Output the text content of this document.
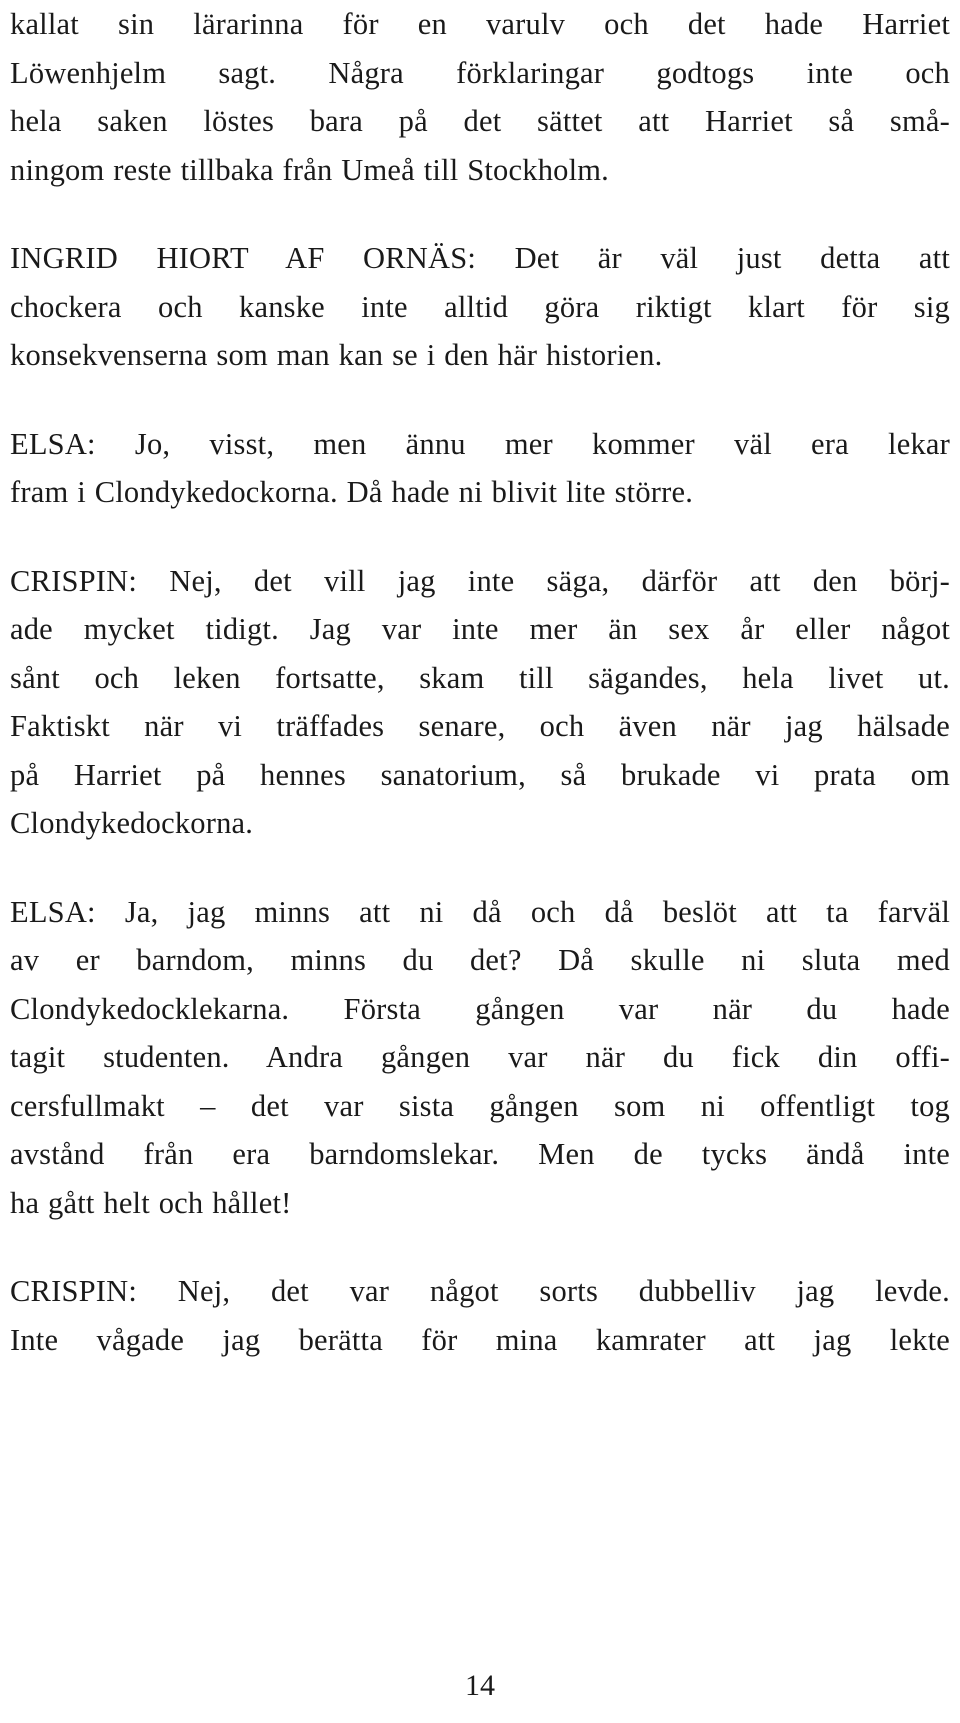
kallat sin lärarinna för en varulv och det hade Harriet
Löwenhjelm sagt. Några förklaringar godtogs inte och
hela saken löstes bara på det sättet att Harriet så små-
ningom reste tillbaka från Umeå till Stockholm.

INGRID HIORT AF ORNÄS: Det är väl just detta att
chockera och kanske inte alltid göra riktigt klart för sig
konsekvenserna som man kan se i den här historien.

ELSA: Jo, visst, men ännu mer kommer väl era lekar
fram i Clondykedockorna. Då hade ni blivit lite större.

CRISPIN: Nej, det vill jag inte säga, därför att den börj-
ade mycket tidigt. Jag var inte mer än sex år eller något
sånt och leken fortsatte, skam till sägandes, hela livet ut.
Faktiskt när vi träffades senare, och även när jag hälsade
på Harriet på hennes sanatorium, så brukade vi prata om
Clondykedockorna.

ELSA: Ja, jag minns att ni då och då beslöt att ta farväl
av er barndom, minns du det? Då skulle ni sluta med
Clondykedocklekarna. Första gången var när du hade
tagit studenten. Andra gången var när du fick din offi-
cersfullmakt – det var sista gången som ni offentligt tog
avstånd från era barndomslekar. Men de tycks ändå inte
ha gått helt och hållet!

CRISPIN: Nej, det var något sorts dubbelliv jag levde.
Inte vågade jag berätta för mina kamrater att jag lekte

14
